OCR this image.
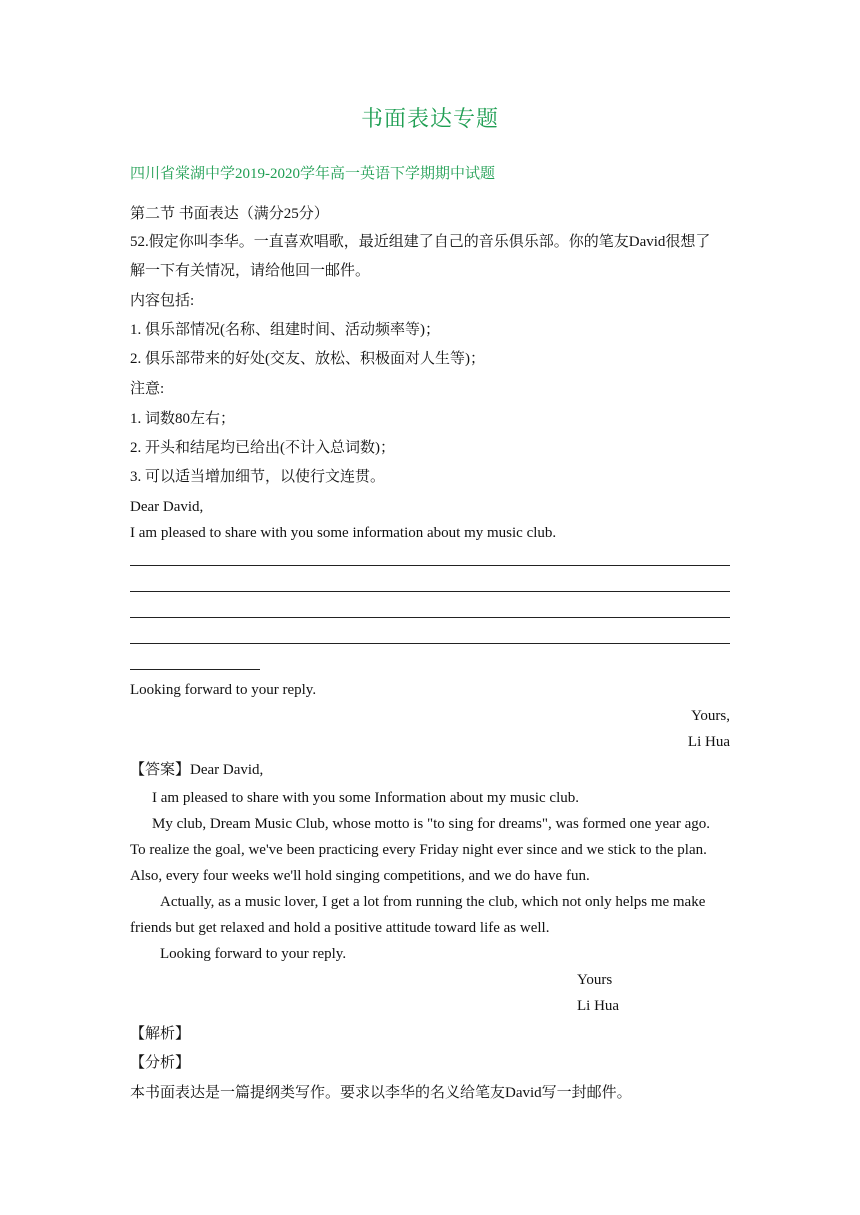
书面表达专题
四川省棠湖中学2019-2020学年高一英语下学期期中试题
第二节 书面表达（满分25分）
52.假定你叫李华。一直喜欢唱歌，最近组建了自己的音乐俱乐部。你的笔友David很想了
解一下有关情况，请给他回一邮件。
内容包括:
1. 俱乐部情况(名称、组建时间、活动频率等)；
2. 俱乐部带来的好处(交友、放松、积极面对人生等)；
注意:
1. 词数80左右；
2. 开头和结尾均已给出(不计入总词数)；
3. 可以适当增加细节，以使行文连贯。
Dear David,
I am pleased to share with you some information about my music club.
Looking forward to your reply.
Yours,
Li Hua
【答案】Dear David,
I am pleased to share with you some Information about my music club.
My club, Dream Music Club, whose motto is "to sing for dreams", was formed one year ago.
To realize the goal, we've been practicing every Friday night ever since and we stick to the plan.
Also, every four weeks we'll hold singing competitions, and we do have fun.
Actually, as a music lover, I get a lot from running the club, which not only helps me make
friends but get relaxed and hold a positive attitude toward life as well.
Looking forward to your reply.
Yours
Li Hua
【解析】
【分析】
本书面表达是一篇提纲类写作。要求以李华的名义给笔友David写一封邮件。
